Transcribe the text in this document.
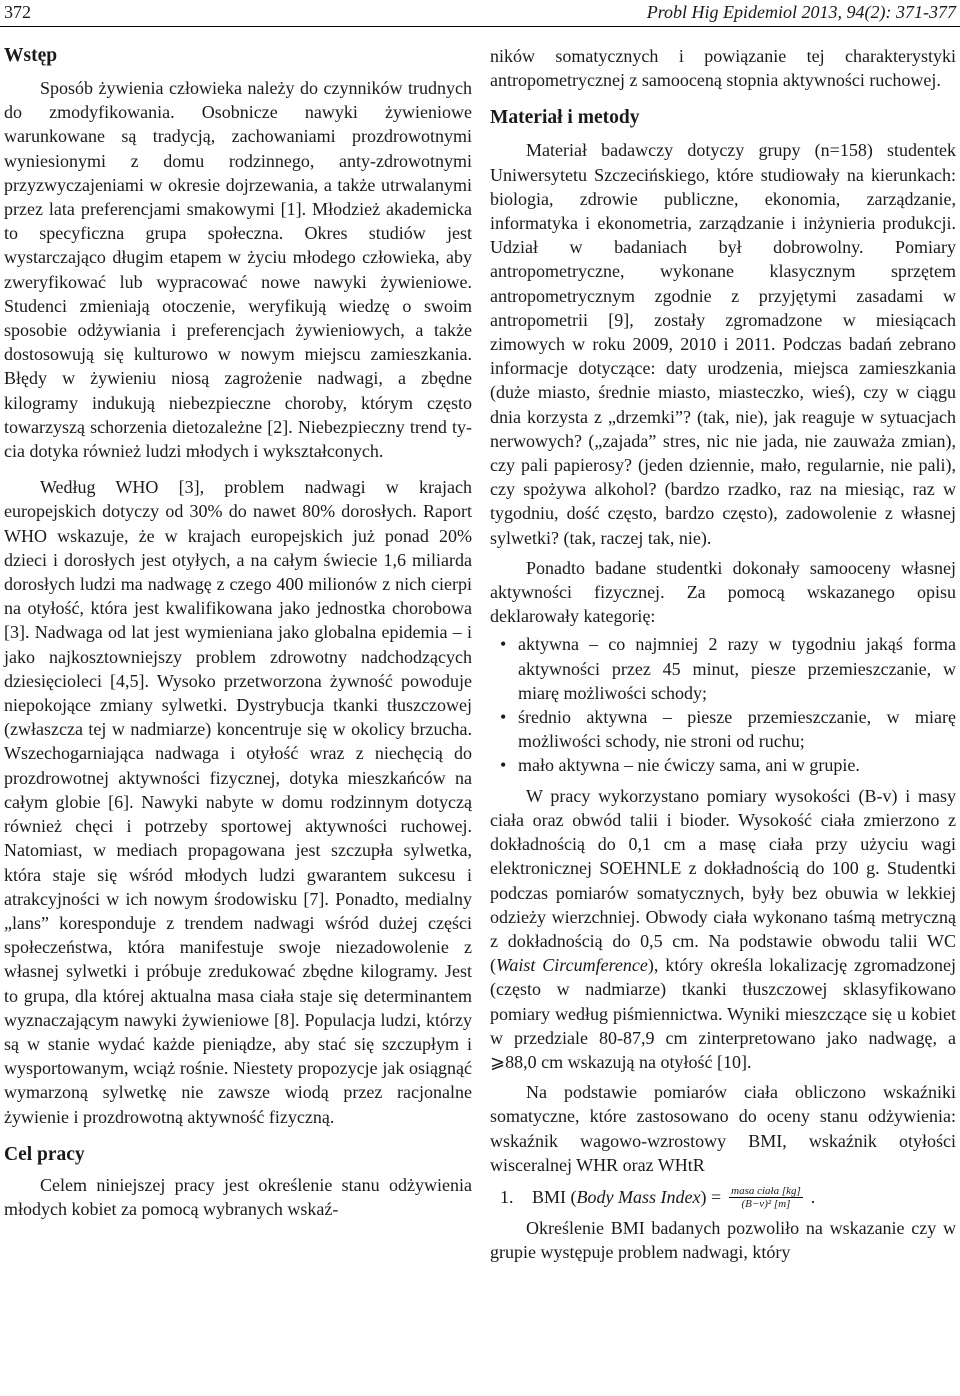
372	Probl Hig Epidemiol 2013, 94(2): 371-377
Wstęp

Sposób żywienia człowieka należy do czynników trudnych do zmodyfikowania. Osobnicze nawyki żywieniowe warunkowane są tradycją, zachowaniami prozdrowotnymi wyniesionymi z domu rodzinnego, anty-zdrowotnymi przyzwyczajeniami w okresie dojrzewania, a także utrwalanymi przez lata preferencjami smakowymi [1]. Młodzież akademicka to specyficzna grupa społeczna. Okres studiów jest wystarczająco długim etapem w życiu młodego człowieka, aby zweryfikować lub wypracować nowe nawyki żywieniowe. Studenci zmieniają otoczenie, weryfikują wiedzę o swoim sposobie odżywiania i preferencjach żywieniowych, a także dostosowują się kulturowo w nowym miejscu zamieszkania. Błędy w żywieniu niosą zagrożenie nadwagi, a zbędne kilogramy indukują niebezpieczne choroby, którym często towarzyszą schorzenia dietozależne [2]. Niebezpieczny trend tycia dotyka również ludzi młodych i wykształconych.

Według WHO [3], problem nadwagi w krajach europejskich dotyczy od 30% do nawet 80% dorosłych. Raport WHO wskazuje, że w krajach europejskich już ponad 20% dzieci i dorosłych jest otyłych, a na całym świecie 1,6 miliarda dorosłych ludzi ma nadwagę z czego 400 milionów z nich cierpi na otyłość, która jest kwalifikowana jako jednostka chorobowa [3]. Nadwaga od lat jest wymieniana jako globalna epidemia – i jako najkosztowniejszy problem zdrowotny nadchodzących dziesięcioleci [4,5]. Wysoko przetworzona żywność powoduje niepokojące zmiany sylwetki. Dystrybucja tkanki tłuszczowej (zwłaszcza tej w nadmiarze) koncentruje się w okolicy brzucha. Wszechogarniająca nadwaga i otyłość wraz z niechęcią do prozdrowotnej aktywności fizycznej, dotyka mieszkańców na całym globie [6]. Nawyki nabyte w domu rodzinnym dotyczą również chęci i potrzeby sportowej aktywności ruchowej. Natomiast, w mediach propagowana jest szczupła sylwetka, która staje się wśród młodych ludzi gwarantem sukcesu i atrakcyjności w ich nowym środowisku [7]. Ponadto, medialny „lans” koresponduje z trendem nadwagi wśród dużej części społeczeństwa, która manifestuje swoje niezadowolenie z własnej sylwetki i próbuje zredukować zbędne kilogramy. Jest to grupa, dla której aktualna masa ciała staje się determinantem wyznaczającym nawyki żywieniowe [8]. Populacja ludzi, którzy są w stanie wydać każde pieniądze, aby stać się szczupłym i wysportowanym, wciąż rośnie. Niestety propozycje jak osiągnąć wymarzoną sylwetkę nie zawsze wiodą przez racjonalne żywienie i prozdrowotną aktywność fizyczną.

Cel pracy

Celem niniejszej pracy jest określenie stanu odżywienia młodych kobiet za pomocą wybranych wskaź-

ników somatycznych i powiązanie tej charakterystyki antropometrycznej z samooceną stopnia aktywności ruchowej.

Materiał i metody

Materiał badawczy dotyczy grupy (n=158) studentek Uniwersytetu Szczecińskiego, które studiowały na kierunkach: biologia, zdrowie publiczne, ekonomia, zarządzanie, informatyka i ekonometria, zarządzanie i inżynieria produkcji. Udział w badaniach był dobrowolny. Pomiary antropometryczne, wykonane klasycznym sprzętem antropometrycznym zgodnie z przyjętymi zasadami w antropometrii [9], zostały zgromadzone w miesiącach zimowych w roku 2009, 2010 i 2011. Podczas badań zebrano informacje dotyczące: daty urodzenia, miejsca zamieszkania (duże miasto, średnie miasto, miasteczko, wieś), czy w ciągu dnia korzysta z „drzemki”? (tak, nie), jak reaguje w sytuacjach nerwowych? („zajada” stres, nic nie jada, nie zauważa zmian), czy pali papierosy? (jeden dziennie, mało, regularnie, nie pali), czy spożywa alkohol? (bardzo rzadko, raz na miesiąc, raz w tygodniu, dość często, bardzo często), zadowolenie z własnej sylwetki? (tak, raczej tak, nie).

Ponadto badane studentki dokonały samooceny własnej aktywności fizycznej. Za pomocą wskazanego opisu deklarowały kategorię:

• aktywna – co najmniej 2 razy w tygodniu jakąś forma aktywności przez 45 minut, piesze przemieszczanie, w miarę możliwości schody;
• średnio aktywna – piesze przemieszczanie, w miarę możliwości schody, nie stroni od ruchu;
• mało aktywna – nie ćwiczy sama, ani w grupie.

W pracy wykorzystano pomiary wysokości (B-v) i masy ciała oraz obwód talii i bioder. Wysokość ciała zmierzono z dokładnością do 0,1 cm a masę ciała przy użyciu wagi elektronicznej SOEHNLE z dokładnością do 100 g. Studentki podczas pomiarów somatycznych, były bez obuwia w lekkiej odzieży wierzchniej. Obwody ciała wykonano taśmą metryczną z dokładnością do 0,5 cm. Na podstawie obwodu talii WC (Waist Circumference), który określa lokalizację zgromadzonej (często w nadmiarze) tkanki tłuszczowej sklasyfikowano pomiary według piśmiennictwa. Wyniki mieszczące się u kobiet w przedziale 80-87,9 cm zinterpretowano jako nadwagę, a ⩾88,0 cm wskazują na otyłość [10].

Na podstawie pomiarów ciała obliczono wskaźniki somatyczne, które zastosowano do oceny stanu odżywienia: wskaźnik wagowo-wzrostowy BMI, wskaźnik otyłości wisceralnej WHR oraz WHtR

1.	BMI (Body Mass Index) = $\frac{\text{masa ciała [kg]}}{\text{(B−v)² [m]}}$ .

Określenie BMI badanych pozwoliło na wskazanie czy w grupie występuje problem nadwagi, który
